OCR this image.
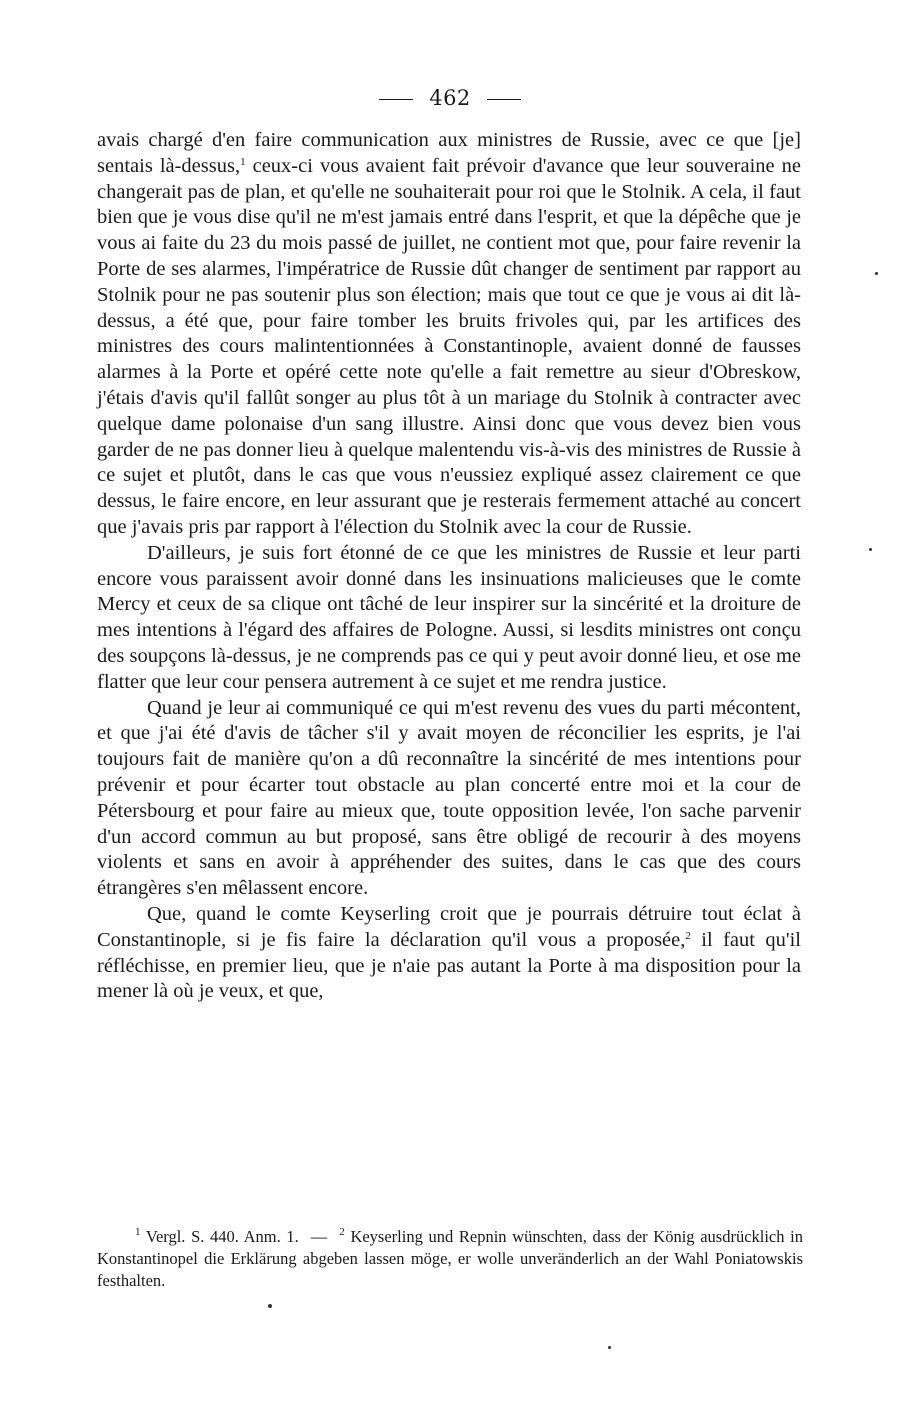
462

avais chargé d'en faire communication aux ministres de Russie, avec ce que [je] sentais là-dessus,$^1$ ceux-ci vous avaient fait prévoir d'avance que leur souveraine ne changerait pas de plan, et qu'elle ne souhaiterait pour roi que le Stolnik. A cela, il faut bien que je vous dise qu'il ne m'est jamais entré dans l'esprit, et que la dépêche que je vous ai faite du 23 du mois passé de juillet, ne contient mot que, pour faire revenir la Porte de ses alarmes, l'impératrice de Russie dût changer de sentiment par rapport au Stolnik pour ne pas soutenir plus son élection; mais que tout ce que je vous ai dit là-dessus, a été que, pour faire tomber les bruits frivoles qui, par les artifices des ministres des cours malintentionnées à Constantinople, avaient donné de fausses alarmes à la Porte et opéré cette note qu'elle a fait remettre au sieur d'Obreskow, j'étais d'avis qu'il fallût songer au plus tôt à un mariage du Stolnik à contracter avec quelque dame polonaise d'un sang illustre. Ainsi donc que vous devez bien vous garder de ne pas donner lieu à quelque malentendu vis-à-vis des ministres de Russie à ce sujet et plutôt, dans le cas que vous n'eussiez expliqué assez clairement ce que dessus, le faire encore, en leur assurant que je resterais fermement attaché au concert que j'avais pris par rapport à l'élection du Stolnik avec la cour de Russie.

D'ailleurs, je suis fort étonné de ce que les ministres de Russie et leur parti encore vous paraissent avoir donné dans les insinuations malicieuses que le comte Mercy et ceux de sa clique ont tâché de leur inspirer sur la sincérité et la droiture de mes intentions à l'égard des affaires de Pologne. Aussi, si lesdits ministres ont conçu des soupçons là-dessus, je ne comprends pas ce qui y peut avoir donné lieu, et ose me flatter que leur cour pensera autrement à ce sujet et me rendra justice.

Quand je leur ai communiqué ce qui m'est revenu des vues du parti mécontent, et que j'ai été d'avis de tâcher s'il y avait moyen de réconcilier les esprits, je l'ai toujours fait de manière qu'on a dû reconnaître la sincérité de mes intentions pour prévenir et pour écarter tout obstacle au plan concerté entre moi et la cour de Pétersbourg et pour faire au mieux que, toute opposition levée, l'on sache parvenir d'un accord commun au but proposé, sans être obligé de recourir à des moyens violents et sans en avoir à appréhender des suites, dans le cas que des cours étrangères s'en mêlassent encore.

Que, quand le comte Keyserling croit que je pourrais détruire tout éclat à Constantinople, si je fis faire la déclaration qu'il vous a proposée,$^2$ il faut qu'il réfléchisse, en premier lieu, que je n'aie pas autant la Porte à ma disposition pour la mener là où je veux, et que,

$^1$ Vergl. S. 440. Anm. 1. — $^2$ Keyserling und Repnin wünschten, dass der König ausdrücklich in Konstantinopel die Erklärung abgeben lassen möge, er wolle unveränderlich an der Wahl Poniatowskis festhalten.
